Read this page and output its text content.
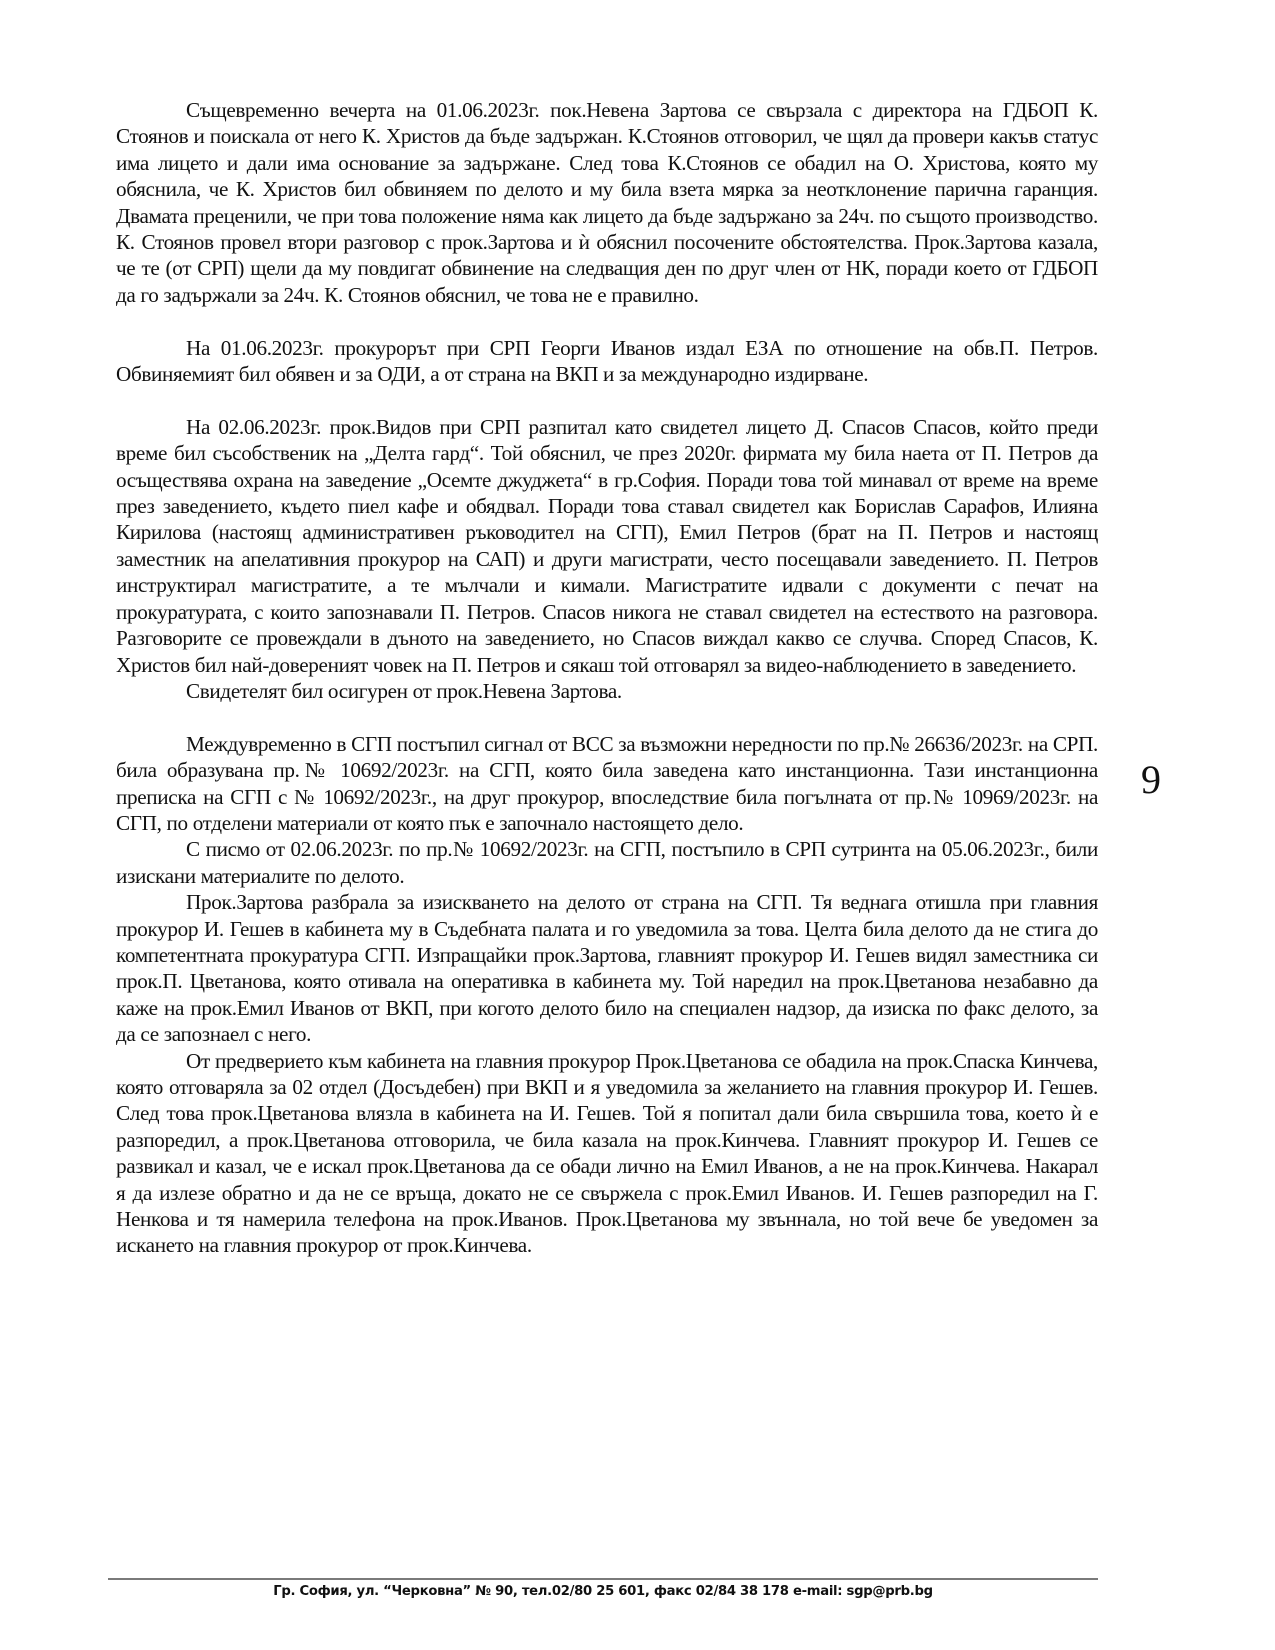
Същевременно вечерта на 01.06.2023г. пок.Невена Зартова се свързала с директора на ГДБОП К. Стоянов и поискала от него К. Христов да бъде задържан. К.Стоянов отговорил, че щял да провери какъв статус има лицето и дали има основание за задържане. След това К.Стоянов се обадил на О. Христова, която му обяснила, че К. Христов бил обвиняем по делото и му била взета мярка за неотклонение парична гаранция. Двамата преценили, че при това положение няма как лицето да бъде задържано за 24ч. по същото производство. К. Стоянов провел втори разговор с прок.Зартова и ѝ обяснил посочените обстоятелства. Прок.Зартова казала, че те (от СРП) щели да му повдигат обвинение на следващия ден по друг член от НК, поради което от ГДБОП да го задържали за 24ч. К. Стоянов обяснил, че това не е правилно.

На 01.06.2023г. прокурорът при СРП Георги Иванов издал ЕЗА по отношение на обв.П. Петров. Обвиняемият бил обявен и за ОДИ, а от страна на ВКП и за международно издирване.

На 02.06.2023г. прок.Видов при СРП разпитал като свидетел лицето Д. Спасов Спасов, който преди време бил съсобственик на „Делта гард“. Той обяснил, че през 2020г. фирмата му била наета от П. Петров да осъществява охрана на заведение „Осемте джуджета“ в гр.София. Поради това той минавал от време на време през заведението, където пиел кафе и обядвал. Поради това ставал свидетел как Борислав Сарафов, Илияна Кирилова (настоящ административен ръководител на СГП), Емил Петров (брат на П. Петров и настоящ заместник на апелативния прокурор на САП) и други магистрати, често посещавали заведението. П. Петров инструктирал магистратите, а те мълчали и кимали. Магистратите идвали с документи с печат на прокуратурата, с които запознавали П. Петров. Спасов никога не ставал свидетел на естеството на разговора. Разговорите се провеждали в дъното на заведението, но Спасов виждал какво се случва. Според Спасов, К. Христов бил най-довереният човек на П. Петров и сякаш той отговарял за видео-наблюдението в заведението.

Свидетелят бил осигурен от прок.Невена Зартова.

Междувременно в СГП постъпил сигнал от ВСС за възможни нередности по пр.№ 26636/2023г. на СРП. била образувана пр.№ 10692/2023г. на СГП, която била заведена като инстанционна. Тази инстанционна преписка на СГП с № 10692/2023г., на друг прокурор, впоследствие била погълната от пр.№ 10969/2023г. на СГП, по отделени материали от която пък е започнало настоящето дело.

С писмо от 02.06.2023г. по пр.№ 10692/2023г. на СГП, постъпило в СРП сутринта на 05.06.2023г., били изискани материалите по делото.

Прок.Зартова разбрала за изискването на делото от страна на СГП. Тя веднага отишла при главния прокурор И. Гешев в кабинета му в Съдебната палата и го уведомила за това. Целта била делото да не стига до компетентната прокуратура СГП. Изпращайки прок.Зартова, главният прокурор И. Гешев видял заместника си прок.П. Цветанова, която отивала на оперативка в кабинета му. Той наредил на прок.Цветанова незабавно да каже на прок.Емил Иванов от ВКП, при когото делото било на специален надзор, да изиска по факс делото, за да се запознаел с него.

От предверието към кабинета на главния прокурор Прок.Цветанова се обадила на прок.Спаска Кинчева, която отговаряла за 02 отдел (Досъдебен) при ВКП и я уведомила за желанието на главния прокурор И. Гешев. След това прок.Цветанова влязла в кабинета на И. Гешев. Той я попитал дали била свършила това, което ѝ е разпоредил, а прок.Цветанова отговорила, че била казала на прок.Кинчева. Главният прокурор И. Гешев се развикал и казал, че е искал прок.Цветанова да се обади лично на Емил Иванов, а не на прок.Кинчева. Накарал я да излезе обратно и да не се връща, докато не се свържела с прок.Емил Иванов. И. Гешев разпоредил на Г. Ненкова и тя намерила телефона на прок.Иванов. Прок.Цветанова му звъннала, но той вече бе уведомен за искането на главния прокурор от прок.Кинчева.

9
Гр. София, ул. “Черковна” № 90, тел.02/80 25 601, факс 02/84 38 178 e-mail: sgp@prb.bg
